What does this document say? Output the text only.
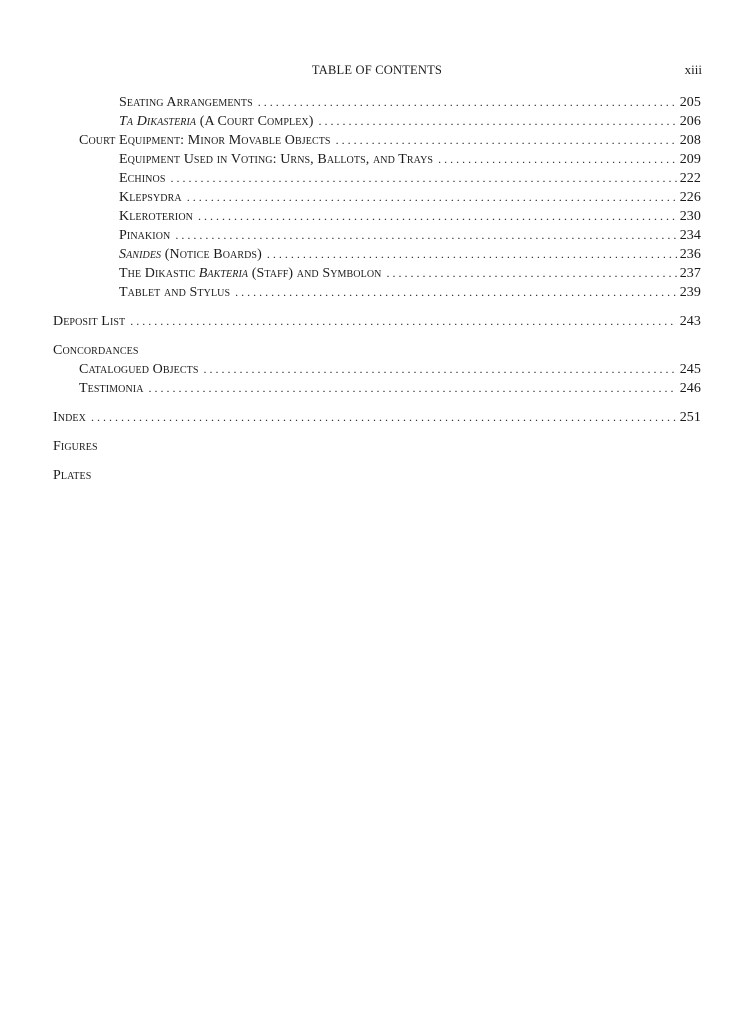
TABLE OF CONTENTS	xiii
Seating Arrangements . . .	205
Ta Dikasteria (A Court Complex) . . .	206
Court Equipment: Minor Movable Objects . . .	208
Equipment Used in Voting: Urns, Ballots, and Trays . . .	209
Echinos . . .	222
Klepsydra . . .	226
Kleroterion . . .	230
Pinakion . . .	234
Sanides (Notice Boards) . . .	236
The Dikastic Bakteria (Staff) and Symbolon . . .	237
Tablet and Stylus . . .	239
Deposit List . . .	243
Concordances
Catalogued Objects . . .	245
Testimonia . . .	246
Index . . .	251
Figures
Plates
